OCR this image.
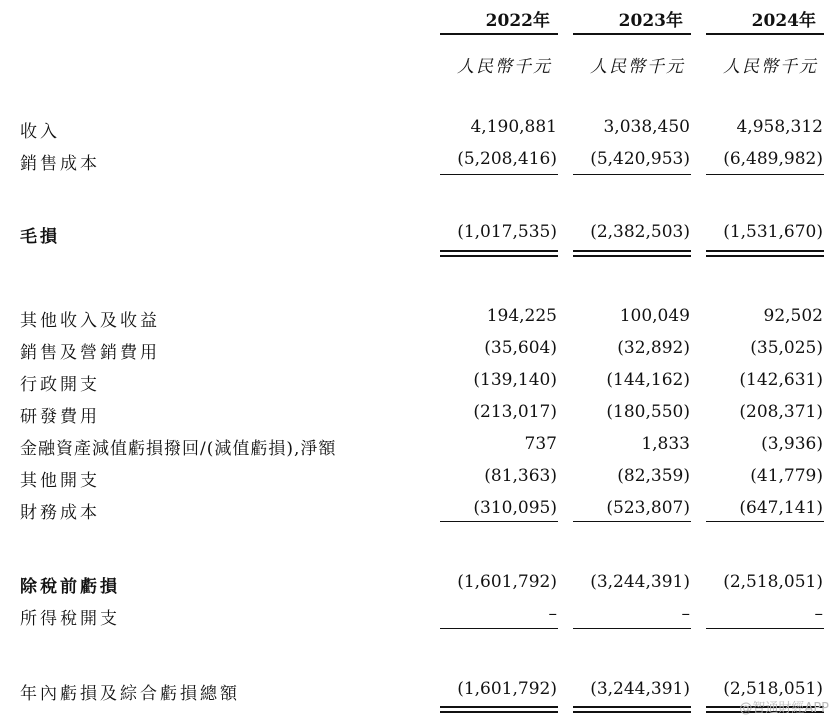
2022年	2023年	2024年
人民幣千元	人民幣千元	人民幣千元
收入	4,190,881	3,038,450	4,958,312
銷售成本	(5,208,416)	(5,420,953)	(6,489,982)
毛損	(1,017,535)	(2,382,503)	(1,531,670)
其他收入及收益	194,225	100,049	92,502
銷售及營銷費用	(35,604)	(32,892)	(35,025)
行政開支	(139,140)	(144,162)	(142,631)
研發費用	(213,017)	(180,550)	(208,371)
金融資產減值虧損撥回/(減值虧損),淨額	737	1,833	(3,936)
其他開支	(81,363)	(82,359)	(41,779)
財務成本	(310,095)	(523,807)	(647,141)
除稅前虧損	(1,601,792)	(3,244,391)	(2,518,051)
所得稅開支	–	–	–
年內虧損及綜合虧損總額	(1,601,792)	(3,244,391)	(2,518,051)
@智通財經APP
